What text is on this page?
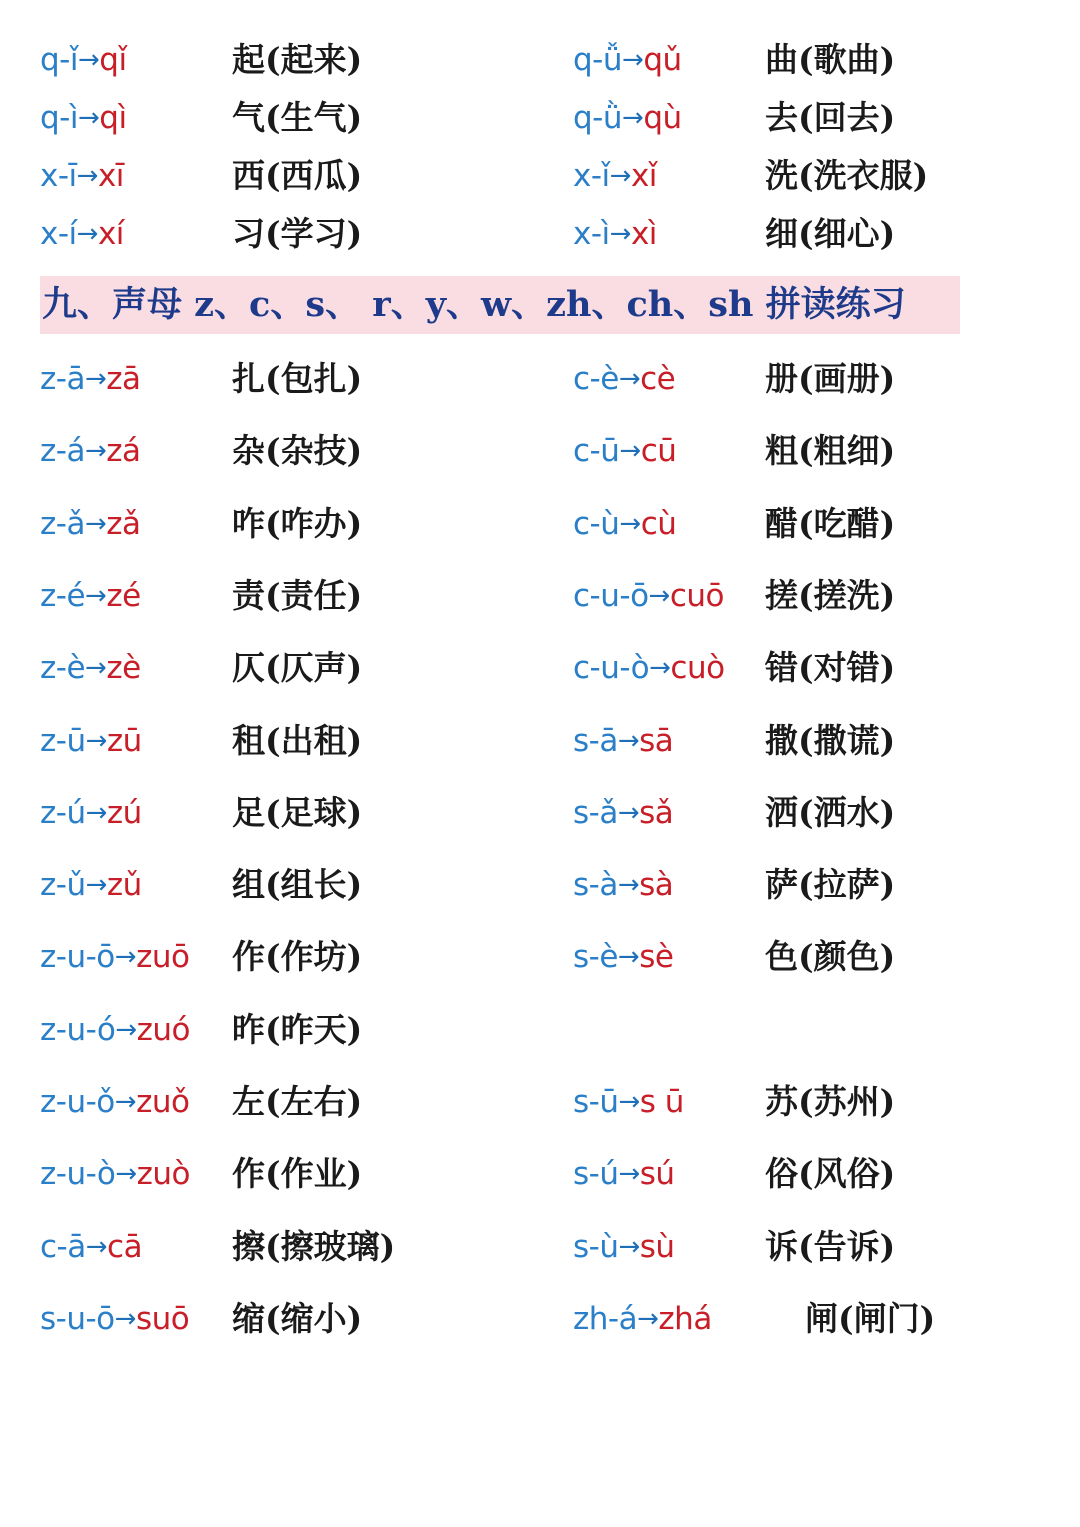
九、声母 z、c、s、 r、y、w、zh、ch、sh 拼读练习
q-ǐ→qǐ	起(起来)	q-ǚ→qǔ	曲(歌曲)
q-ì→qì	气(生气)	q-ǜ→qù	去(回去)
x-ī→xī	西(西瓜)	x-ǐ→xǐ	洗(洗衣服)
x-í→xí	习(学习)	x-ì→xì	细(细心)
z-ā→zā	扎(包扎)	c-è→cè	册(画册)
z-á→zá	杂(杂技)	c-ū→cū	粗(粗细)
z-ǎ→zǎ	咋(咋办)	c-ù→cù	醋(吃醋)
z-é→zé	责(责任)	c-u-ō→cuō 搓(搓洗)
z-è→zè	仄(仄声)	c-u-ò→cuò 错(对错)
z-ū→zū	租(出租)	s-ā→sā	撒(撒谎)
z-ú→zú	足(足球)	s-ǎ→sǎ	洒(洒水)
z-ǔ→zǔ	组(组长)	s-à→sà	萨(拉萨)
z-u-ō→zuō 作(作坊)	s-è→sè	色(颜色)
z-u-ó→zuó 昨(昨天)
z-u-ǒ→zuǒ 左(左右)	s-ū→s ū 苏(苏州)
z-u-ò→zuò 作(作业)	s-ú→sú	俗(风俗)
c-ā→cā	擦(擦玻璃)	s-ù→sù	诉(告诉)
s-u-ō→suō 缩(缩小)	zh-á→zhá	闸(闸门)
